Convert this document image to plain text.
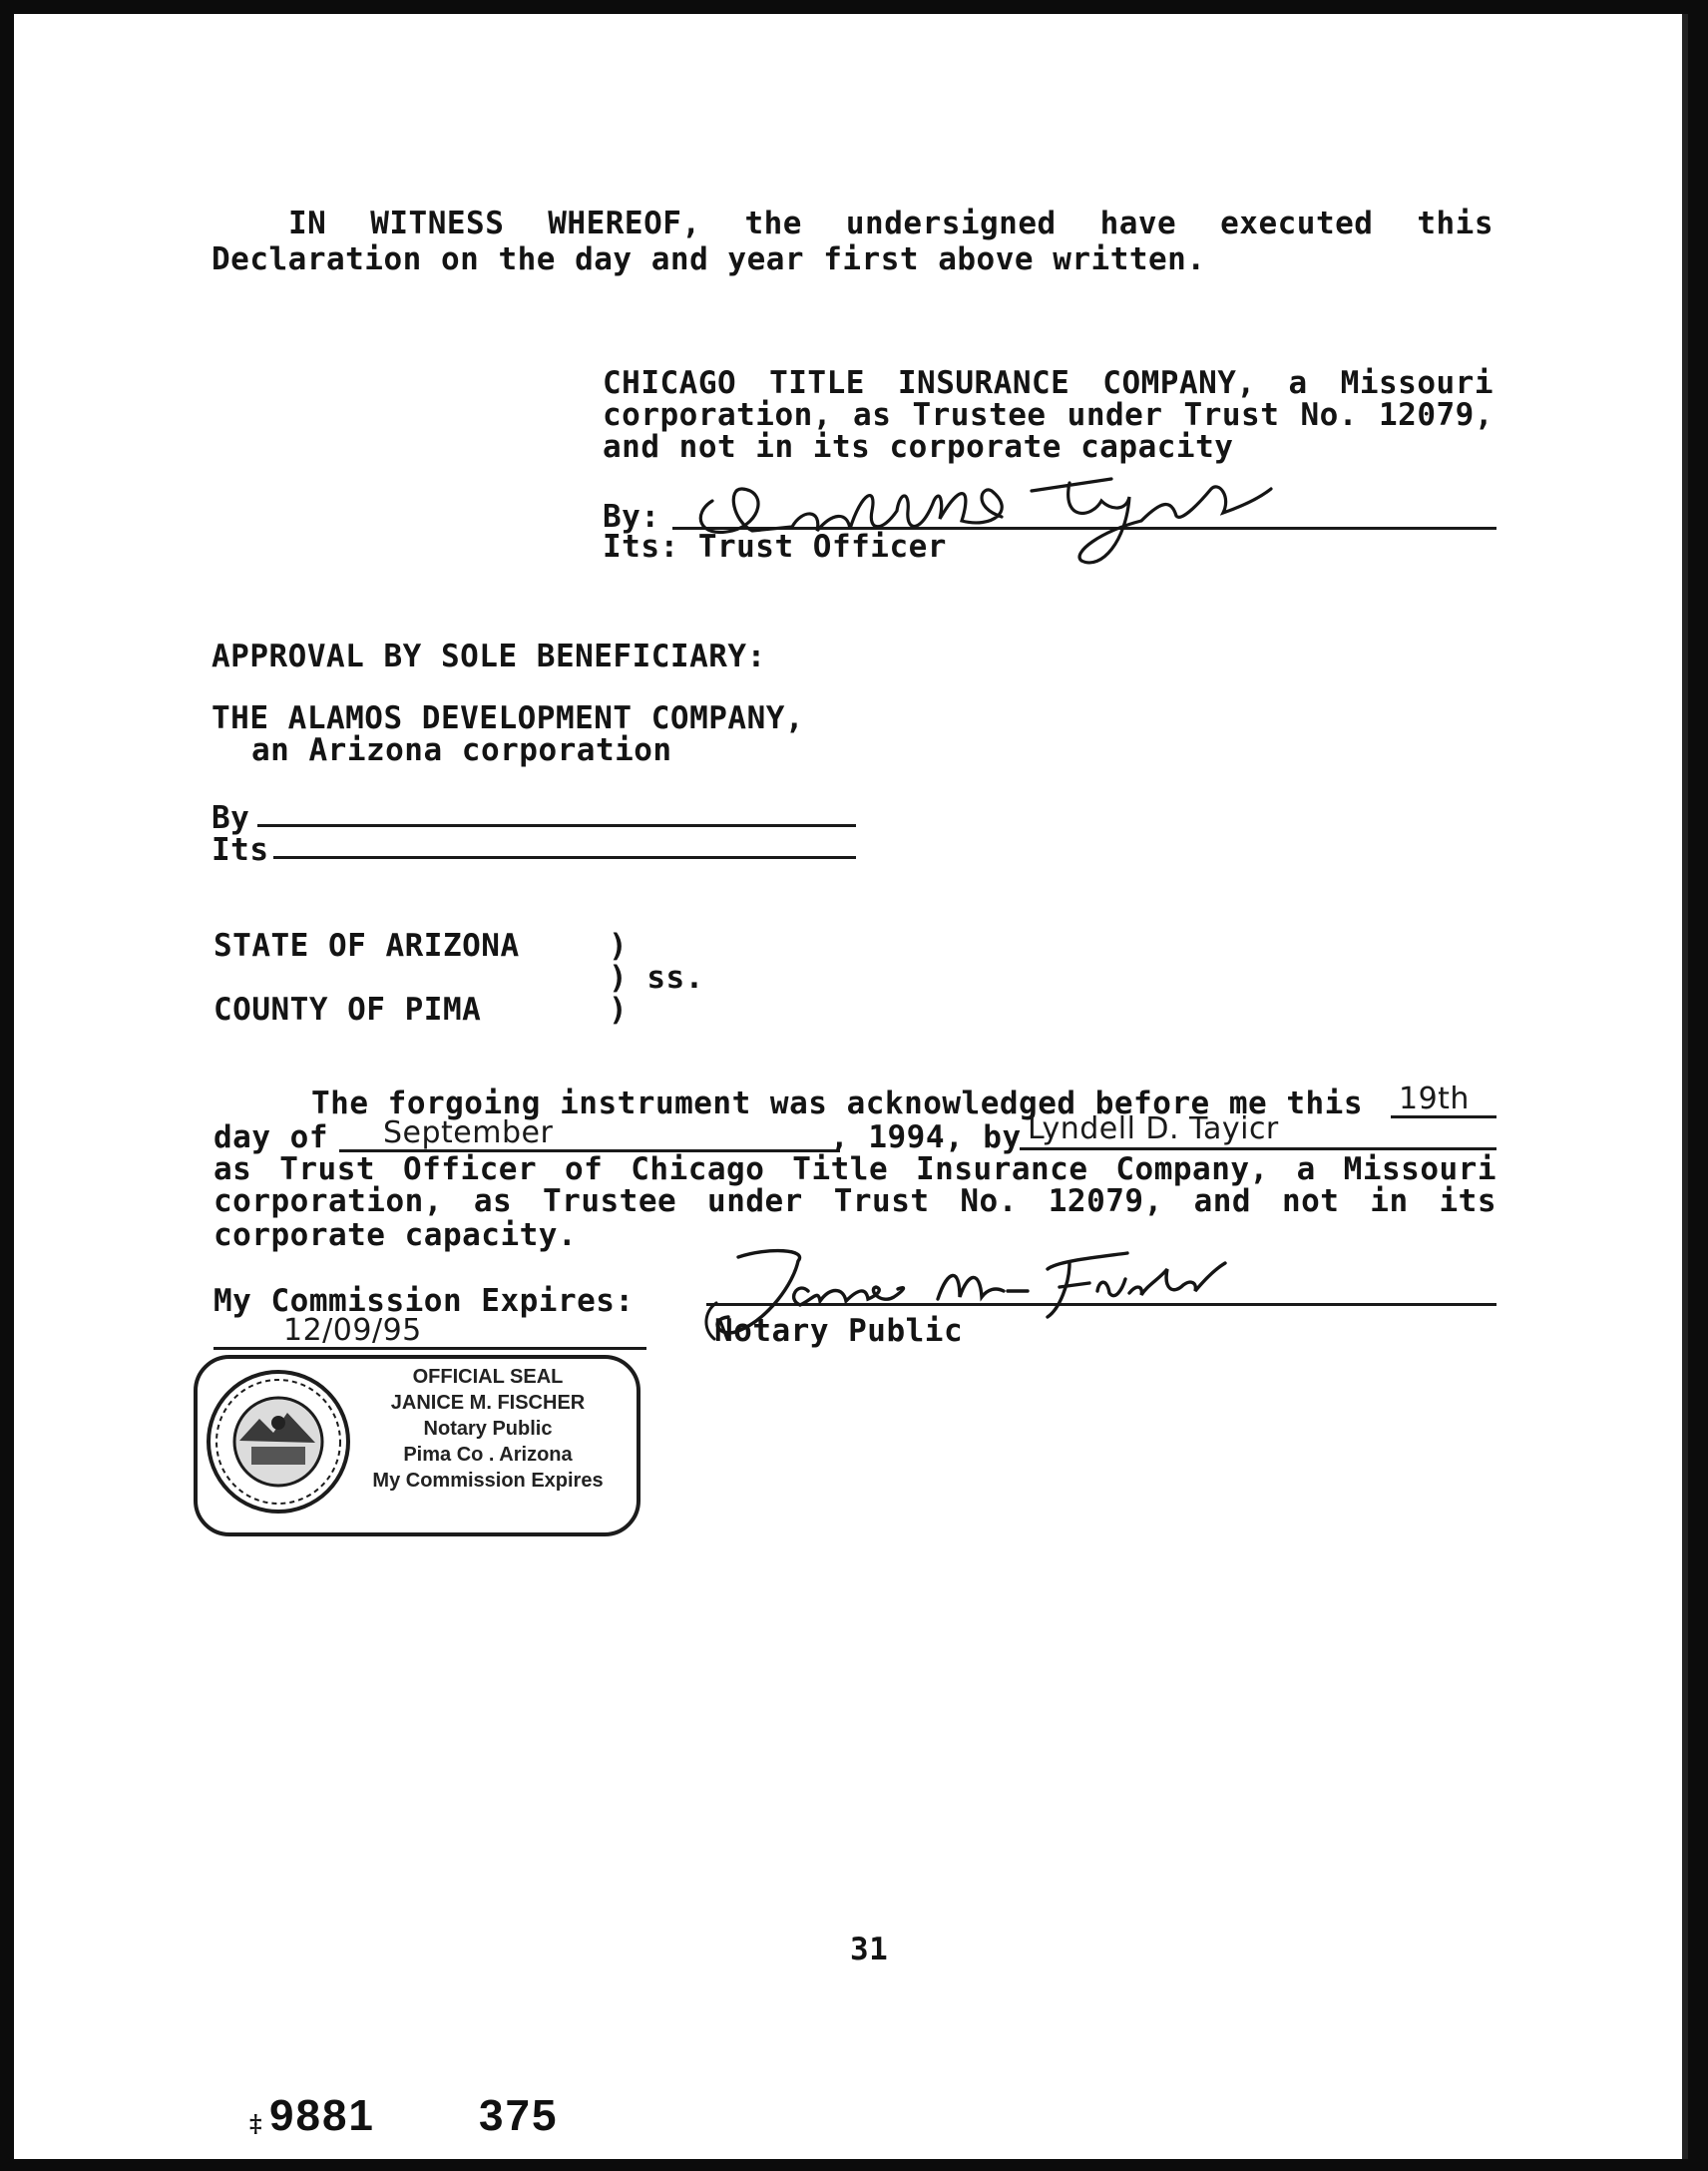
IN WITNESS WHEREOF, the undersigned have executed this
Declaration on the day and year first above written.
CHICAGO TITLE INSURANCE COMPANY, a Missouri
corporation, as Trustee under Trust No. 12079,
and not in its corporate capacity
By:
Its: Trust Officer
APPROVAL BY SOLE BENEFICIARY:
THE ALAMOS DEVELOPMENT COMPANY,
an Arizona corporation
By
Its
STATE OF ARIZONA	)
) ss.
COUNTY OF PIMA	)
The forgoing instrument was acknowledged before me this 19th
day of September	, 1994, by Lyndell D. Tayicr
as Trust Officer of Chicago Title Insurance Company, a Missouri
corporation, as Trustee under Trust No. 12079, and not in its
corporate capacity.
My Commission Expires:
12/09/95	Notary Public
OFFICIAL SEAL
JANICE M. FISCHER
Notary Public
Pima Co . Arizona
My Commission Expires
31
‡ 9881 375
